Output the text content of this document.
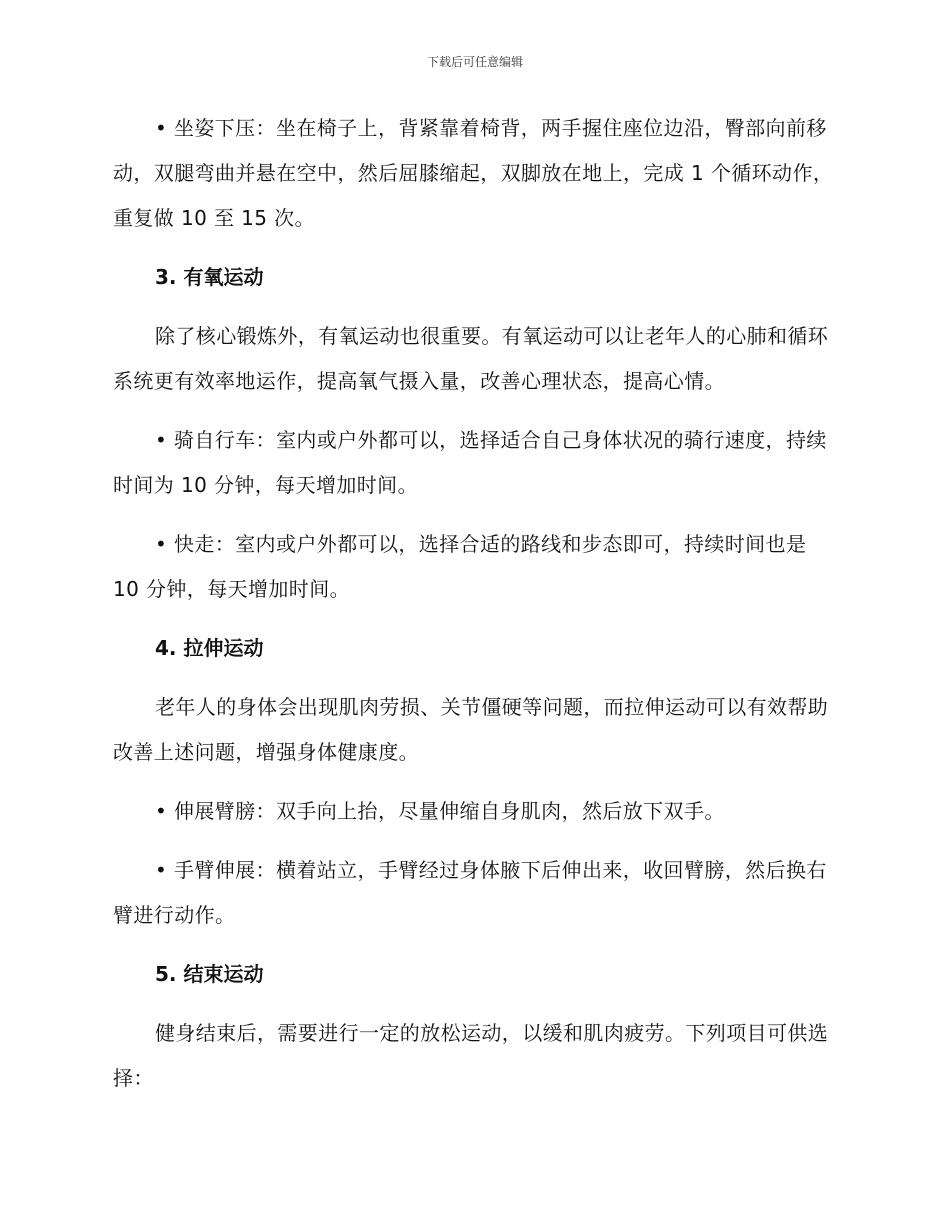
下载后可任意编辑

• 坐姿下压：坐在椅子上，背紧靠着椅背，两手握住座位边沿，臀部向前移动，双腿弯曲并悬在空中，然后屈膝缩起，双脚放在地上，完成 1 个循环动作，重复做 10 至 15 次。

3. 有氧运动

除了核心锻炼外，有氧运动也很重要。有氧运动可以让老年人的心肺和循环系统更有效率地运作，提高氧气摄入量，改善心理状态，提高心情。

• 骑自行车：室内或户外都可以，选择适合自己身体状况的骑行速度，持续时间为 10 分钟，每天增加时间。

• 快走：室内或户外都可以，选择合适的路线和步态即可，持续时间也是 10 分钟，每天增加时间。

4. 拉伸运动

老年人的身体会出现肌肉劳损、关节僵硬等问题，而拉伸运动可以有效帮助改善上述问题，增强身体健康度。

• 伸展臂膀：双手向上抬，尽量伸缩自身肌肉，然后放下双手。

• 手臂伸展：横着站立，手臂经过身体腋下后伸出来，收回臂膀，然后换右臂进行动作。

5. 结束运动

健身结束后，需要进行一定的放松运动，以缓和肌肉疲劳。下列项目可供选择：
